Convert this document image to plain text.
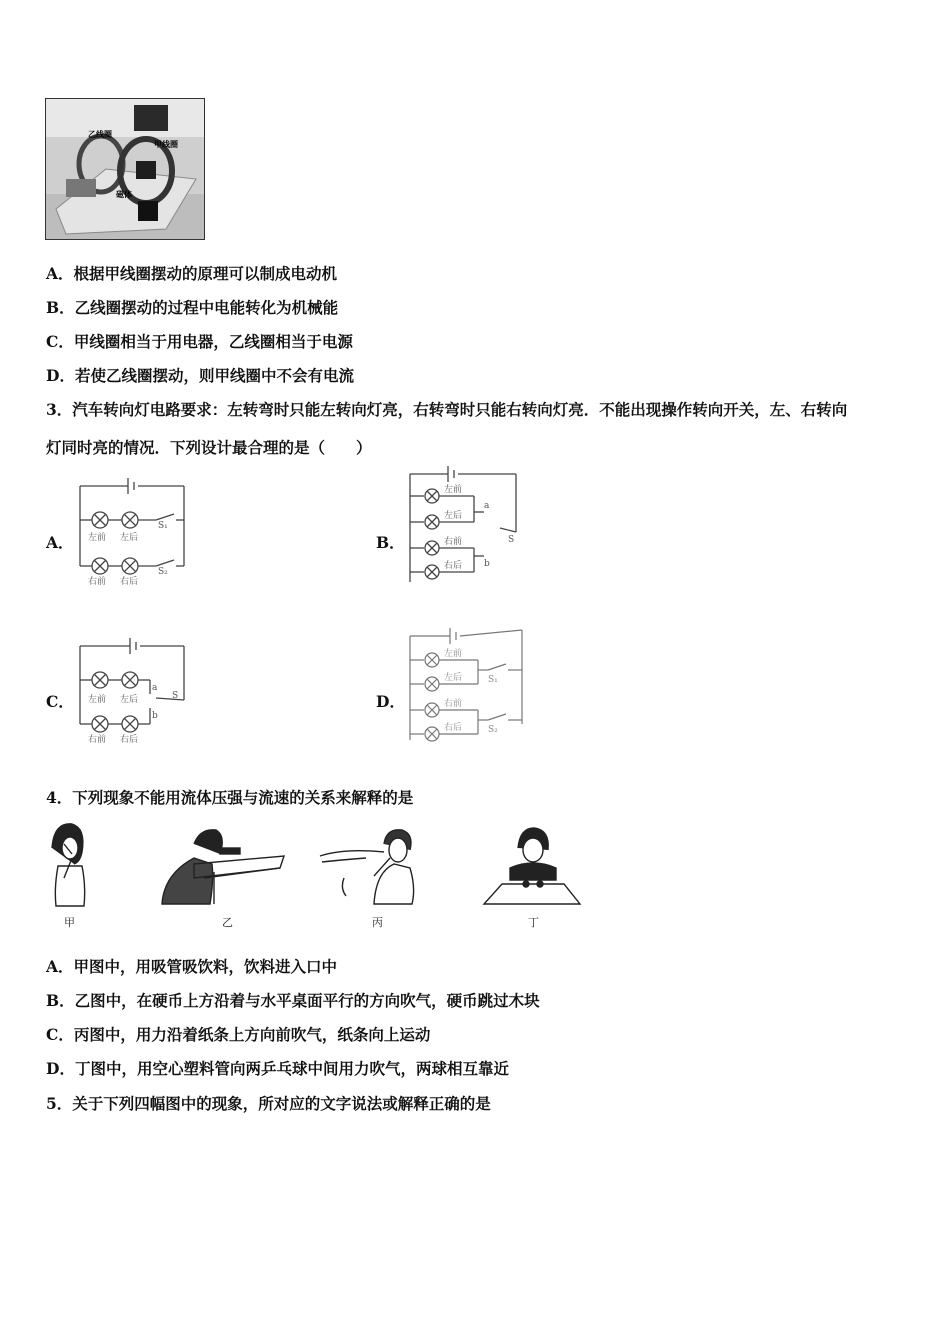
乙线圈
甲线圈
磁体
A．根据甲线圈摆动的原理可以制成电动机
B．乙线圈摆动的过程中电能转化为机械能
C．甲线圈相当于用电器，乙线圈相当于电源
D．若使乙线圈摆动，则甲线圈中不会有电流
3．汽车转向灯电路要求：左转弯时只能左转向灯亮，右转弯时只能右转向灯亮．不能出现操作转向开关，左、右转向
灯同时亮的情况．下列设计最合理的是（　　）
A． 左前 左后
右前 右后
S₁
S₂
B．
左前
左后
右前
右后
a
S
b
C． 左前 左后
右前 右后
a
S
b
D．
左前
左后
右前
右后
S₁
S₂
4．下列现象不能用流体压强与流速的关系来解释的是
甲	乙	丙	丁
A．甲图中，用吸管吸饮料，饮料进入口中
B．乙图中，在硬币上方沿着与水平桌面平行的方向吹气，硬币跳过木块
C．丙图中，用力沿着纸条上方向前吹气，纸条向上运动
D．丁图中，用空心塑料管向两乒乓球中间用力吹气，两球相互靠近
5．关于下列四幅图中的现象，所对应的文字说法或解释正确的是
